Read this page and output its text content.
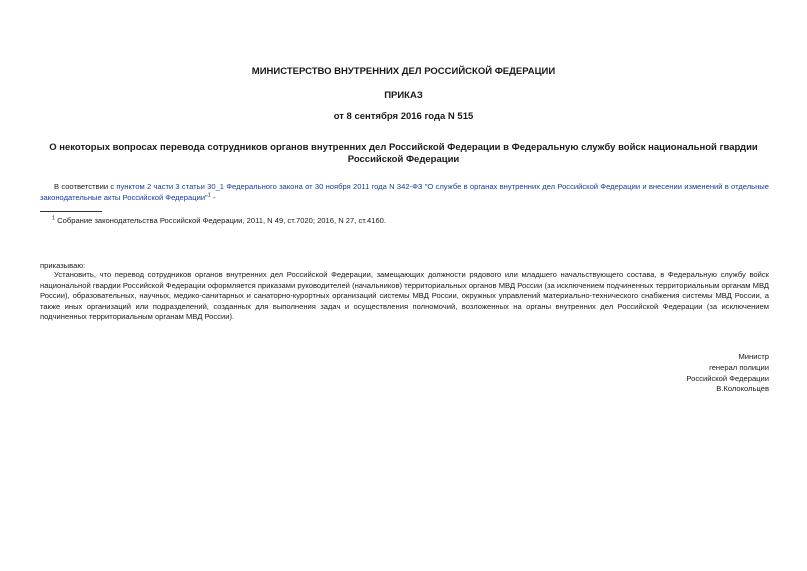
МИНИСТЕРСТВО ВНУТРЕННИХ ДЕЛ РОССИЙСКОЙ ФЕДЕРАЦИИ
ПРИКАЗ
от 8 сентября 2016 года N 515
О некоторых вопросах перевода сотрудников органов внутренних дел Российской Федерации в Федеральную службу войск национальной гвардии Российской Федерации
В соответствии с пунктом 2 части 3 статьи 30_1 Федерального закона от 30 ноября 2011 года N 342-ФЗ "О службе в органах внутренних дел Российской Федерации и внесении изменений в отдельные законодательные акты Российской Федерации"$^1$ -
$^1$ Собрание законодательства Российской Федерации, 2011, N 49, ст.7020; 2016, N 27, ст.4160.
приказываю:
Установить, что перевод сотрудников органов внутренних дел Российской Федерации, замещающих должности рядового или младшего начальствующего состава, в Федеральную службу войск национальной гвардии Российской Федерации оформляется приказами руководителей (начальников) территориальных органов МВД России (за исключением подчиненных территориальным органам МВД России), образовательных, научных, медико-санитарных и санаторно-курортных организаций системы МВД России, окружных управлений материально-технического снабжения системы МВД России, а также иных организаций или подразделений, созданных для выполнения задач и осуществления полномочий, возложенных на органы внутренних дел Российской Федерации (за исключением подчиненных территориальным органам МВД России).
Министр
генерал полиции
Российской Федерации
В.Колокольцев
